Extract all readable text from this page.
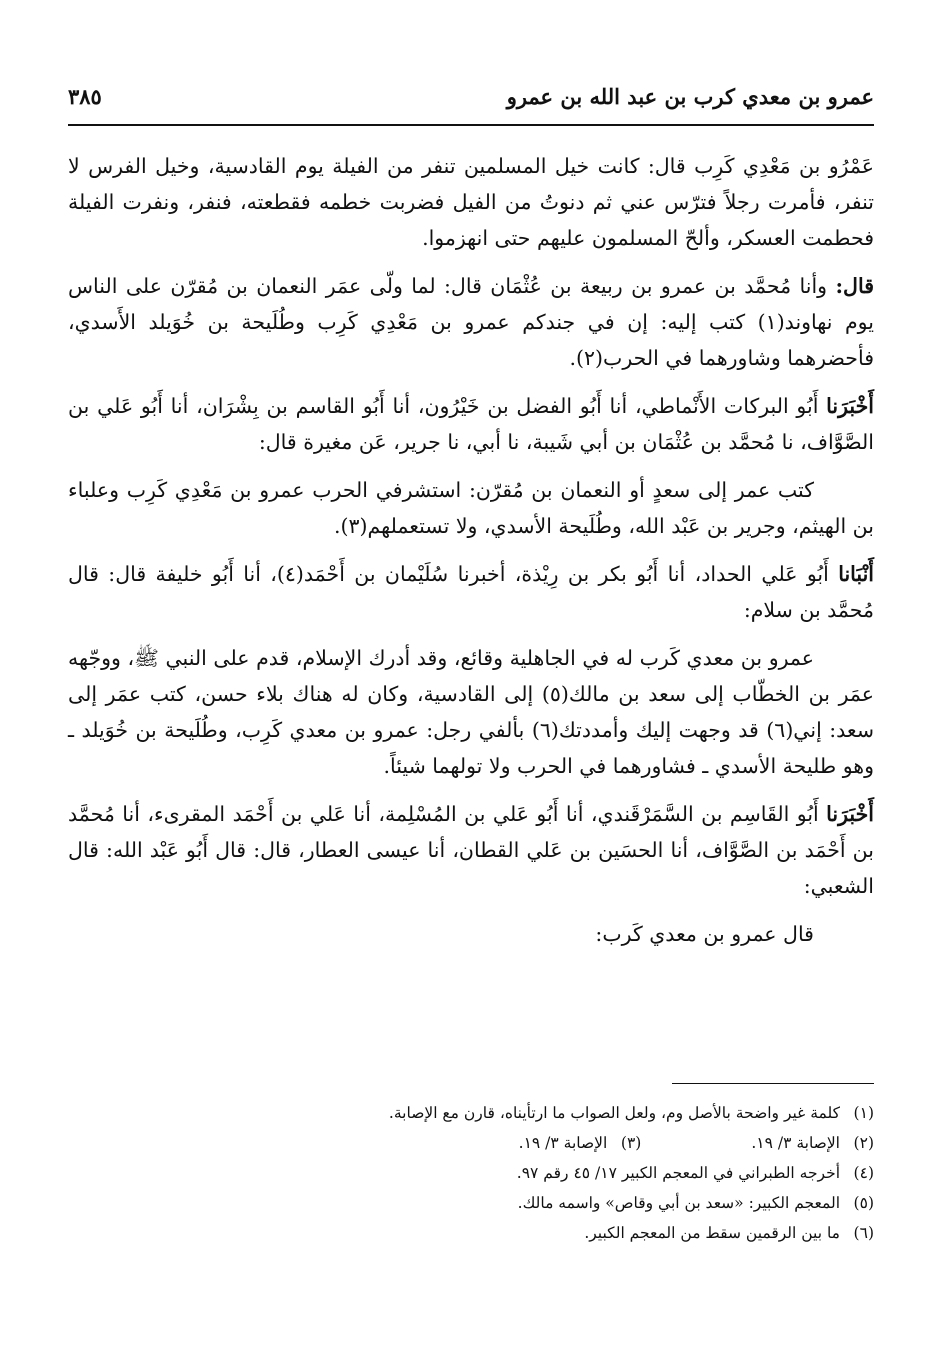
عمرو بن معدي كرب بن عبد الله بن عمرو
٣٨٥

عَمْرُو بن مَعْدِي كَرِب قال: كانت خيل المسلمين تنفر من الفيلة يوم القادسية، وخيل الفرس لا تنفر، فأمرت رجلاً فترّس عني ثم دنوتُ من الفيل فضربت خطمه فقطعته، فنفر، ونفرت الفيلة فحطمت العسكر، وألحّ المسلمون عليهم حتى انهزموا.

قال: وأنا مُحمَّد بن عمرو بن ربيعة بن عُثْمَان قال: لما ولّى عمَر النعمان بن مُقرّن على الناس يوم نهاوند(١) كتب إليه: إن في جندكم عمرو بن مَعْدِي كَرِب وطُلَيحة بن خُوَيلد الأَسدي، فأحضرهما وشاورهما في الحرب(٢).

أَخْبَرَنا أَبُو البركات الأَنْماطي، أنا أَبُو الفضل بن خَيْرُون، أنا أَبُو القاسم بن بِشْرَان، أنا أَبُو عَلي بن الصَّوَّاف، نا مُحمَّد بن عُثْمَان بن أبي شَيبة، نا أبي، نا جرير، عَن مغيرة قال:

كتب عمر إلى سعدٍ أو النعمان بن مُقرّن: استشرفي الحرب عمرو بن مَعْدِي كَرِب وعلباء بن الهيثم، وجرير بن عَبْد الله، وطُلَيحة الأسدي، ولا تستعملهم(٣).

أَنْبَانا أَبُو عَلي الحداد، أنا أَبُو بكر بن رِيْذة، أخبرنا سُلَيْمان بن أَحْمَد(٤)، أنا أَبُو خليفة قال: قال مُحمَّد بن سلام:

عمرو بن معدي كَرب له في الجاهلية وقائع، وقد أدرك الإسلام، قدم على النبي ﷺ، ووجّهه عمَر بن الخطّاب إلى سعد بن مالك(٥) إلى القادسية، وكان له هناك بلاء حسن، كتب عمَر إلى سعد: إني(٦) قد وجهت إليك وأمددتك(٦) بألفي رجل: عمرو بن معدي كَرِب، وطُلَيحة بن خُوَيلد ـ وهو طليحة الأسدي ـ فشاورهما في الحرب ولا تولهما شيئاً.

أَخْبَرَنا أَبُو القَاسِم بن السَّمَرْقَندي، أنا أَبُو عَلي بن المُسْلِمة، أنا عَلي بن أَحْمَد المقرىء، أنا مُحمَّد بن أَحْمَد بن الصَّوَّاف، أنا الحسَين بن عَلي القطان، أنا عيسى العطار، قال: قال أَبُو عَبْد الله: قال الشعبي:

قال عمرو بن معدي كَرب:

(١)كلمة غير واضحة بالأصل وم، ولعل الصواب ما ارتأيناه، قارن مع الإصابة.
(٢)الإصابة ٣/ ١٩.
(٣)الإصابة ٣/ ١٩.
(٤)أخرجه الطبراني في المعجم الكبير ١٧/ ٤٥ رقم ٩٧.
(٥)المعجم الكبير: «سعد بن أبي وقاص» واسمه مالك.
(٦)ما بين الرقمين سقط من المعجم الكبير.
